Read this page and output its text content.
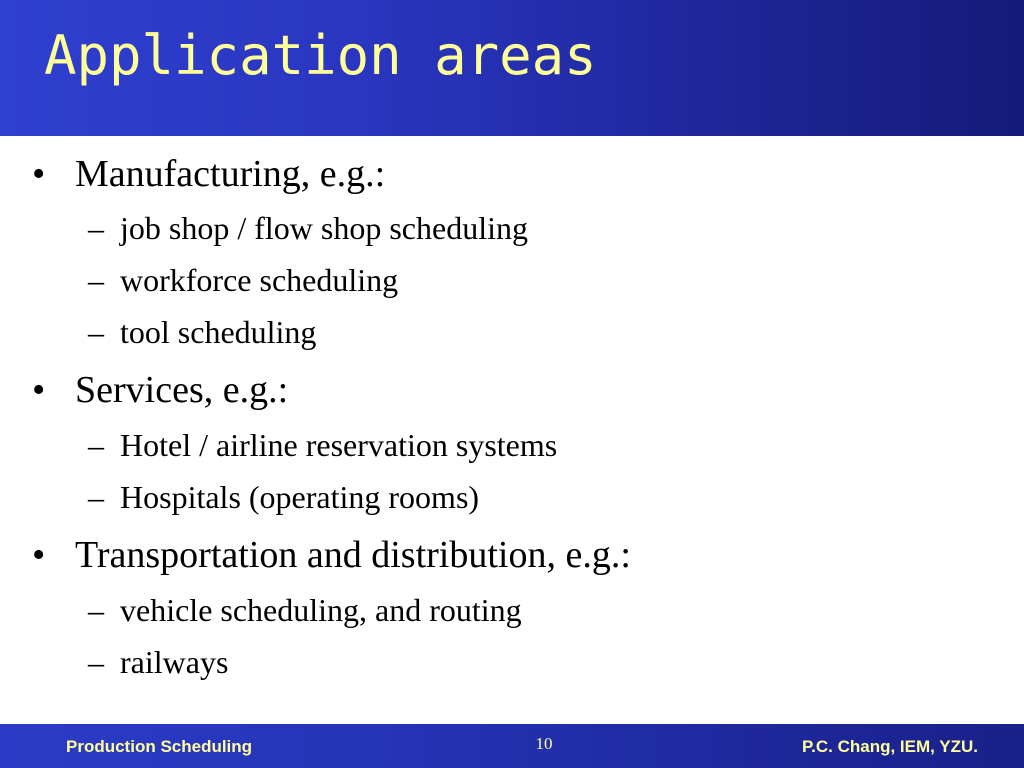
Application areas
• Manufacturing, e.g.:
– job shop / flow shop scheduling
– workforce scheduling
– tool scheduling
• Services, e.g.:
– Hotel / airline reservation systems
– Hospitals (operating rooms)
• Transportation and distribution, e.g.:
– vehicle scheduling, and routing
– railways
Production Scheduling	10	P.C. Chang, IEM, YZU.
